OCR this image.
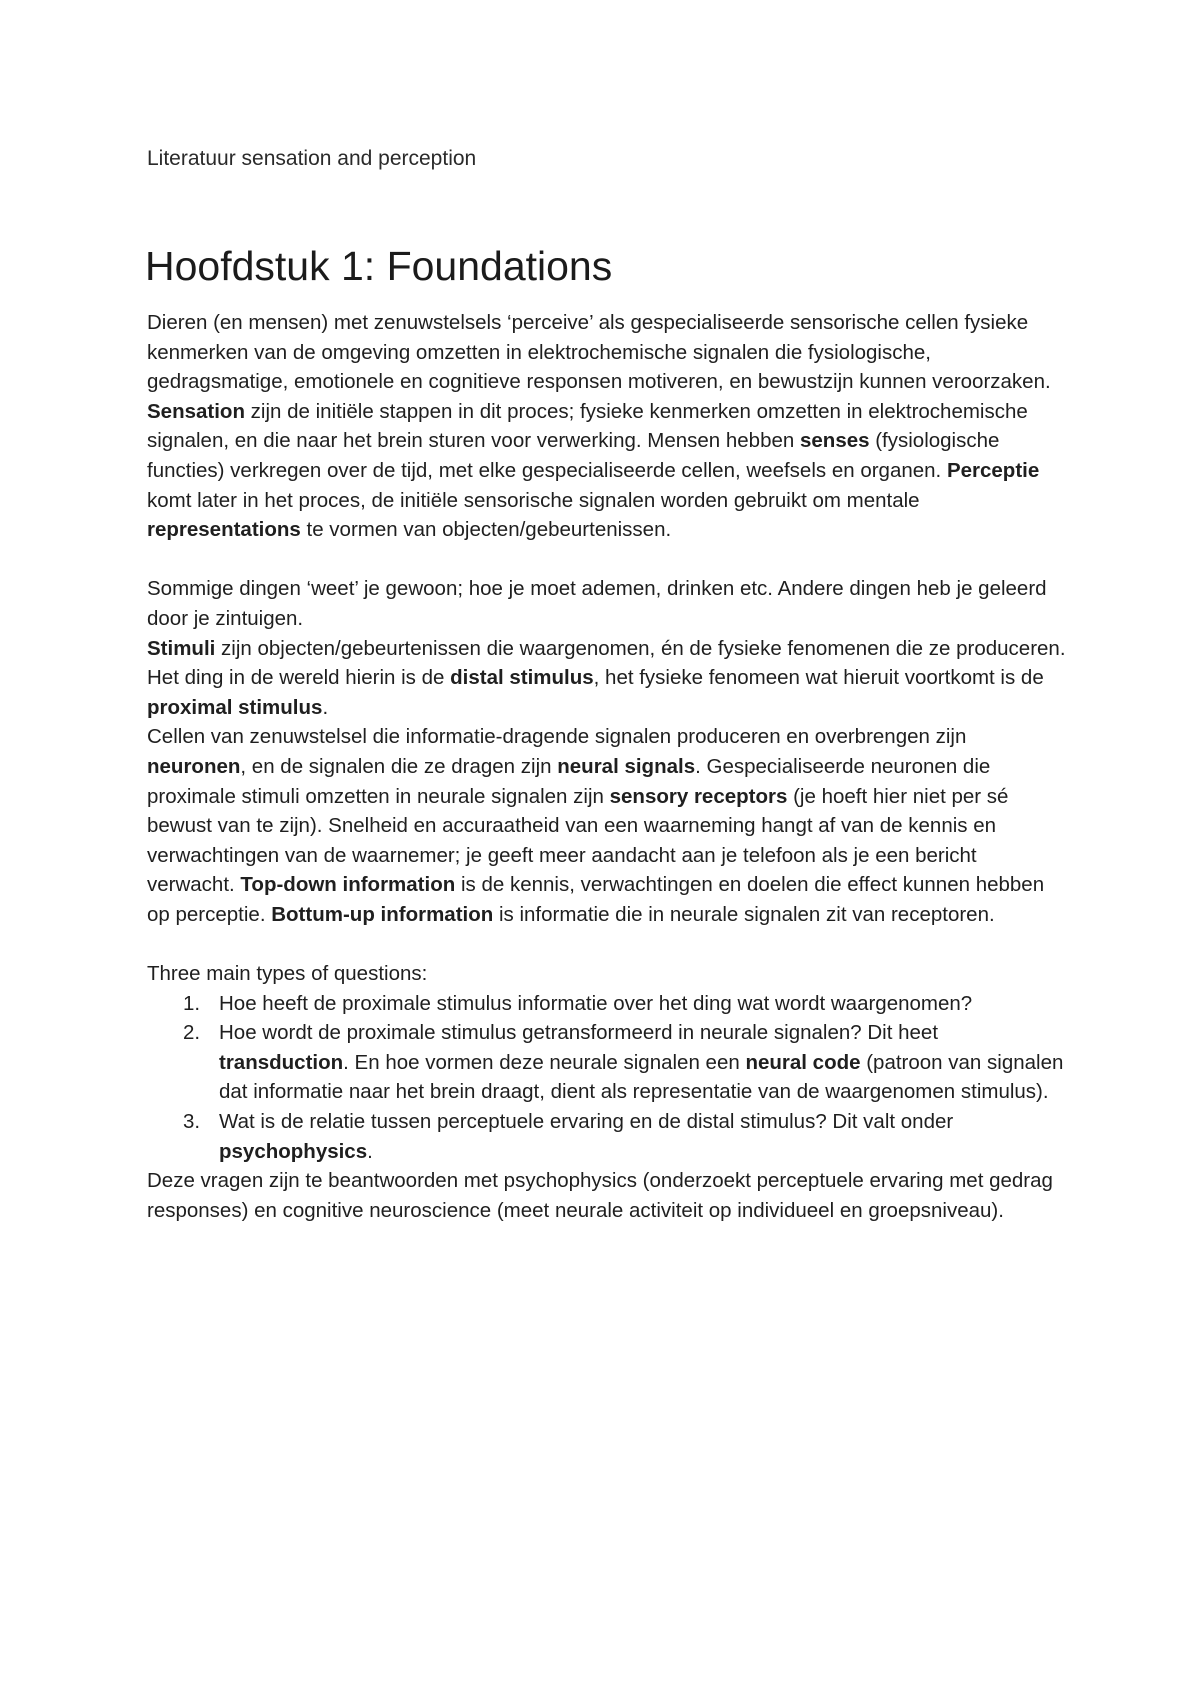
Literatuur sensation and perception
Hoofdstuk 1: Foundations

Dieren (en mensen) met zenuwstelsels ‘perceive’ als gespecialiseerde sensorische cellen fysieke kenmerken van de omgeving omzetten in elektrochemische signalen die fysiologische, gedragsmatige, emotionele en cognitieve responsen motiveren, en bewustzijn kunnen veroorzaken.

Sensation zijn de initiële stappen in dit proces; fysieke kenmerken omzetten in elektrochemische signalen, en die naar het brein sturen voor verwerking. Mensen hebben senses (fysiologische functies) verkregen over de tijd, met elke gespecialiseerde cellen, weefsels en organen. Perceptie komt later in het proces, de initiële sensorische signalen worden gebruikt om mentale representations te vormen van objecten/gebeurtenissen.

Sommige dingen ‘weet’ je gewoon; hoe je moet ademen, drinken etc. Andere dingen heb je geleerd door je zintuigen.

Stimuli zijn objecten/gebeurtenissen die waargenomen, én de fysieke fenomenen die ze produceren. Het ding in de wereld hierin is de distal stimulus, het fysieke fenomeen wat hieruit voortkomt is de proximal stimulus.

Cellen van zenuwstelsel die informatie-dragende signalen produceren en overbrengen zijn neuronen, en de signalen die ze dragen zijn neural signals. Gespecialiseerde neuronen die proximale stimuli omzetten in neurale signalen zijn sensory receptors (je hoeft hier niet per sé bewust van te zijn). Snelheid en accuraatheid van een waarneming hangt af van de kennis en verwachtingen van de waarnemer; je geeft meer aandacht aan je telefoon als je een bericht verwacht. Top-down information is de kennis, verwachtingen en doelen die effect kunnen hebben op perceptie. Bottum-up information is informatie die in neurale signalen zit van receptoren.

Three main types of questions:

1. Hoe heeft de proximale stimulus informatie over het ding wat wordt waargenomen?
2. Hoe wordt de proximale stimulus getransformeerd in neurale signalen? Dit heet transduction. En hoe vormen deze neurale signalen een neural code (patroon van signalen dat informatie naar het brein draagt, dient als representatie van de waargenomen stimulus).
3. Wat is de relatie tussen perceptuele ervaring en de distal stimulus? Dit valt onder psychophysics.

Deze vragen zijn te beantwoorden met psychophysics (onderzoekt perceptuele ervaring met gedrag responses) en cognitive neuroscience (meet neurale activiteit op individueel en groepsniveau).
